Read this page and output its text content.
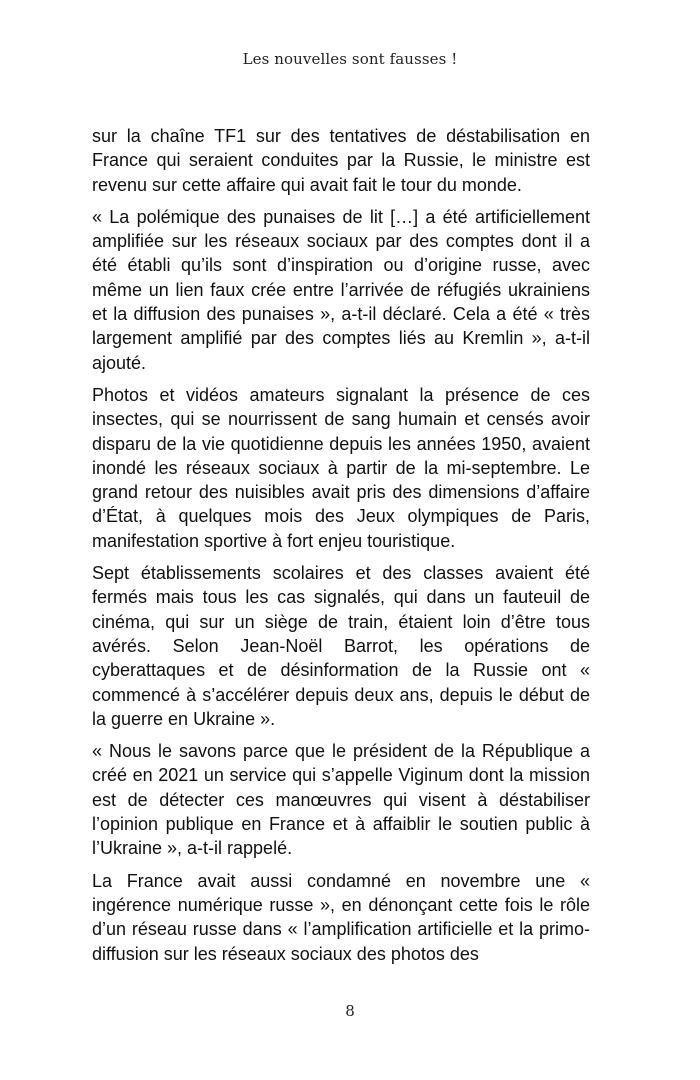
Les nouvelles sont fausses !

sur la chaîne TF1 sur des tentatives de déstabilisation en France qui seraient conduites par la Russie, le ministre est revenu sur cette affaire qui avait fait le tour du monde.

« La polémique des punaises de lit […] a été artificiellement amplifiée sur les réseaux sociaux par des comptes dont il a été établi qu’ils sont d’inspiration ou d’origine russe, avec même un lien faux crée entre l’arrivée de réfugiés ukrainiens et la diffusion des punaises », a-t-il déclaré. Cela a été « très largement amplifié par des comptes liés au Kremlin », a-t-il ajouté.

Photos et vidéos amateurs signalant la présence de ces insectes, qui se nourrissent de sang humain et censés avoir disparu de la vie quotidienne depuis les années 1950, avaient inondé les réseaux sociaux à partir de la mi-septembre. Le grand retour des nuisibles avait pris des dimensions d’affaire d’État, à quelques mois des Jeux olympiques de Paris, manifestation sportive à fort enjeu touristique.

Sept établissements scolaires et des classes avaient été fermés mais tous les cas signalés, qui dans un fauteuil de cinéma, qui sur un siège de train, étaient loin d’être tous avérés. Selon Jean-Noël Barrot, les opérations de cyberattaques et de désinformation de la Russie ont « commencé à s’accélérer depuis deux ans, depuis le début de la guerre en Ukraine ».

« Nous le savons parce que le président de la République a créé en 2021 un service qui s’appelle Viginum dont la mission est de détecter ces manœuvres qui visent à déstabiliser l’opinion publique en France et à affaiblir le soutien public à l’Ukraine », a-t-il rappelé.

La France avait aussi condamné en novembre une « ingérence numérique russe », en dénonçant cette fois le rôle d’un réseau russe dans « l’amplification artificielle et la primo-diffusion sur les réseaux sociaux des photos des

8
